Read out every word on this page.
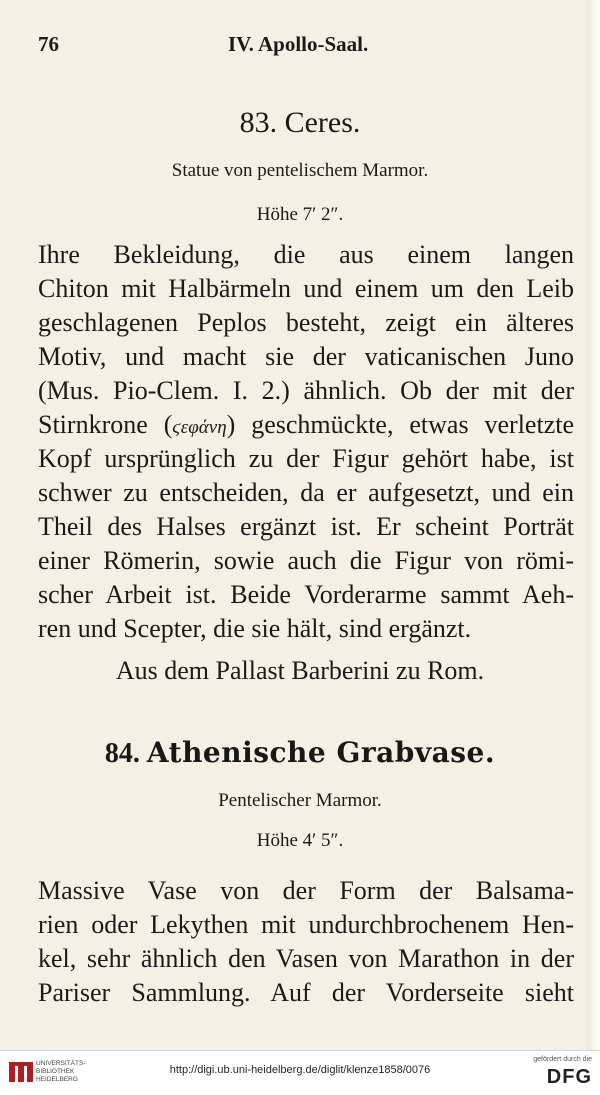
76	IV. Apollo-Saal.
83. Ceres.
Statue von pentelischem Marmor.
Höhe 7′ 2″.
Ihre Bekleidung, die aus einem langen
Chiton mit Halbärmeln und einem um den Leib
geschlagenen Peplos besteht, zeigt ein älteres
Motiv, und macht sie der vaticanischen Juno
(Mus. Pio-Clem. I. 2.) ähnlich. Ob der mit der
Stirnkrone (ϛεφάνη) geschmückte, etwas verletzte
Kopf ursprünglich zu der Figur gehört habe, ist
schwer zu entscheiden, da er aufgesetzt, und ein
Theil des Halses ergänzt ist. Er scheint Porträt
einer Römerin, sowie auch die Figur von römi-
scher Arbeit ist. Beide Vorderarme sammt Aeh-
ren und Scepter, die sie hält, sind ergänzt.
Aus dem Pallast Barberini zu Rom.
84. Athenische Grabvase.
Pentelischer Marmor.
Höhe 4′ 5″.
Massive Vase von der Form der Balsama-
rien oder Lekythen mit undurchbrochenem Hen-
kel, sehr ähnlich den Vasen von Marathon in der
Pariser Sammlung. Auf der Vorderseite sieht
UNIVERSITÄTS-
BIBLIOTHEK
HEIDELBERG
http://digi.ub.uni-heidelberg.de/diglit/klenze1858/0076
gefördert durch die
DFG
